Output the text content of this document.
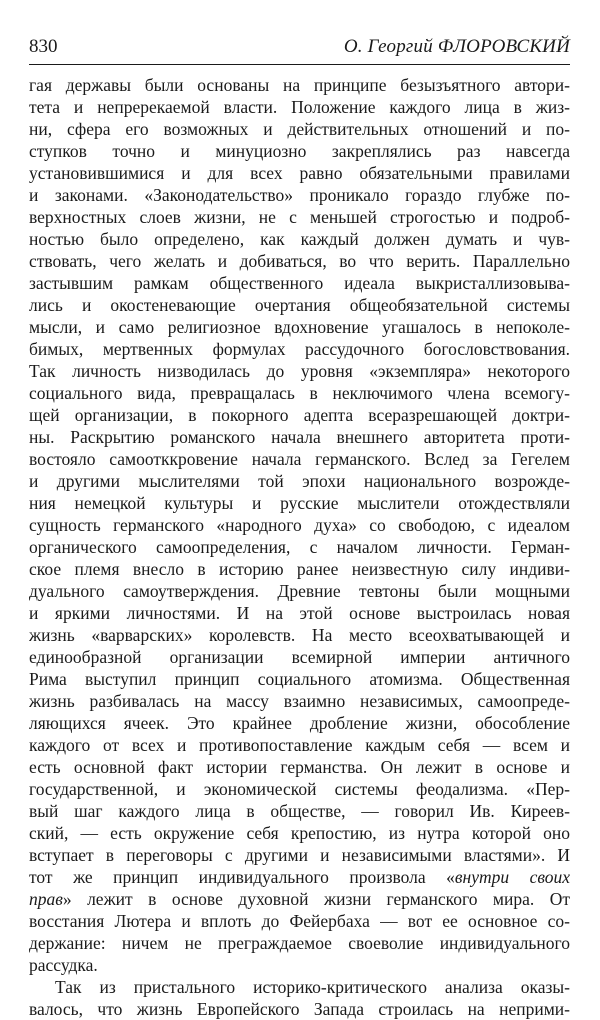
830	О. Георгий ФЛОРОВСКИЙ
гая державы были основаны на принципе безызъятного автори-
тета и непререкаемой власти. Положение каждого лица в жиз-
ни, сфера его возможных и действительных отношений и по-
ступков точно и минуциозно закреплялись раз навсегда
установившимися и для всех равно обязательными правилами
и законами. «Законодательство» проникало гораздо глубже по-
верхностных слоев жизни, не с меньшей строгостью и подроб-
ностью было определено, как каждый должен думать и чув-
ствовать, чего желать и добиваться, во что верить. Параллельно
застывшим рамкам общественного идеала выкристаллизовыва-
лись и окостеневающие очертания общеобязательной системы
мысли, и само религиозное вдохновение угашалось в непоколе-
бимых, мертвенных формулах рассудочного богословствования.
Так личность низводилась до уровня «экземпляра» некоторого
социального вида, превращалась в неключимого члена всемогу-
щей организации, в покорного адепта всеразрешающей доктри-
ны. Раскрытию романского начала внешнего авторитета проти-
востояло самоотккровение начала германского. Вслед за Гегелем
и другими мыслителями той эпохи национального возрожде-
ния немецкой культуры и русские мыслители отождествляли
сущность германского «народного духа» со свободою, с идеалом
органического самоопределения, с началом личности. Герман-
ское племя внесло в историю ранее неизвестную силу индиви-
дуального самоутверждения. Древние тевтоны были мощными
и яркими личностями. И на этой основе выстроилась новая
жизнь «варварских» королевств. На место всеохватывающей и
единообразной организации всемирной империи античного
Рима выступил принцип социального атомизма. Общественная
жизнь разбивалась на массу взаимно независимых, самоопреде-
ляющихся ячеек. Это крайнее дробление жизни, обособление
каждого от всех и противопоставление каждым себя — всем и
есть основной факт истории германства. Он лежит в основе и
государственной, и экономической системы феодализма. «Пер-
вый шаг каждого лица в обществе, — говорил Ив. Киреев-
ский, — есть окружение себя крепостию, из нутра которой оно
вступает в переговоры с другими и независимыми властями». И
тот же принцип индивидуального произвола «внутри своих
прав» лежит в основе духовной жизни германского мира. От
восстания Лютера и вплоть до Фейербаха — вот ее основное со-
держание: ничем не преграждаемое своеволие индивидуального
рассудка.
Так из пристального историко-критического анализа оказы-
валось, что жизнь Европейского Запада строилась на неприми-
